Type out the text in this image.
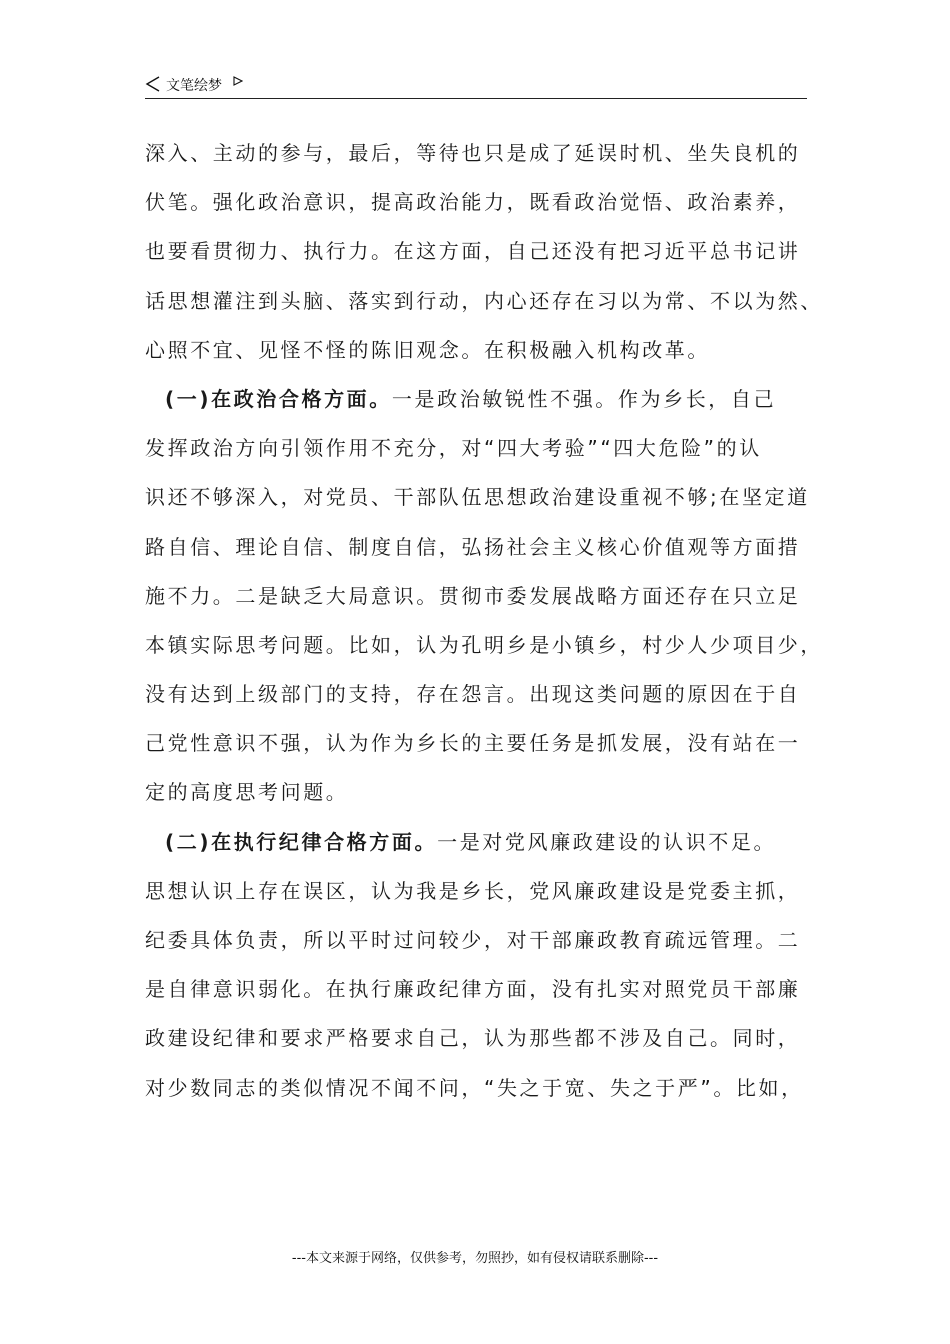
文笔绘梦
深入、主动的参与，最后，等待也只是成了延误时机、坐失良机的
伏笔。强化政治意识，提高政治能力，既看政治觉悟、政治素养，
也要看贯彻力、执行力。在这方面，自己还没有把习近平总书记讲
话思想灌注到头脑、落实到行动，内心还存在习以为常、不以为然、
心照不宜、见怪不怪的陈旧观念。在积极融入机构改革。
(一)在政治合格方面。一是政治敏锐性不强。作为乡长，自己
发挥政治方向引领作用不充分，对“四大考验”“四大危险”的认
识还不够深入，对党员、干部队伍思想政治建设重视不够;在坚定道
路自信、理论自信、制度自信，弘扬社会主义核心价值观等方面措
施不力。二是缺乏大局意识。贯彻市委发展战略方面还存在只立足
本镇实际思考问题。比如，认为孔明乡是小镇乡，村少人少项目少，
没有达到上级部门的支持，存在怨言。出现这类问题的原因在于自
己党性意识不强，认为作为乡长的主要任务是抓发展，没有站在一
定的高度思考问题。
(二)在执行纪律合格方面。一是对党风廉政建设的认识不足。
思想认识上存在误区，认为我是乡长，党风廉政建设是党委主抓，
纪委具体负责，所以平时过问较少，对干部廉政教育疏远管理。二
是自律意识弱化。在执行廉政纪律方面，没有扎实对照党员干部廉
政建设纪律和要求严格要求自己，认为那些都不涉及自己。同时，
对少数同志的类似情况不闻不问，“失之于宽、失之于严”。比如，
---本文来源于网络，仅供参考，勿照抄，如有侵权请联系删除---
